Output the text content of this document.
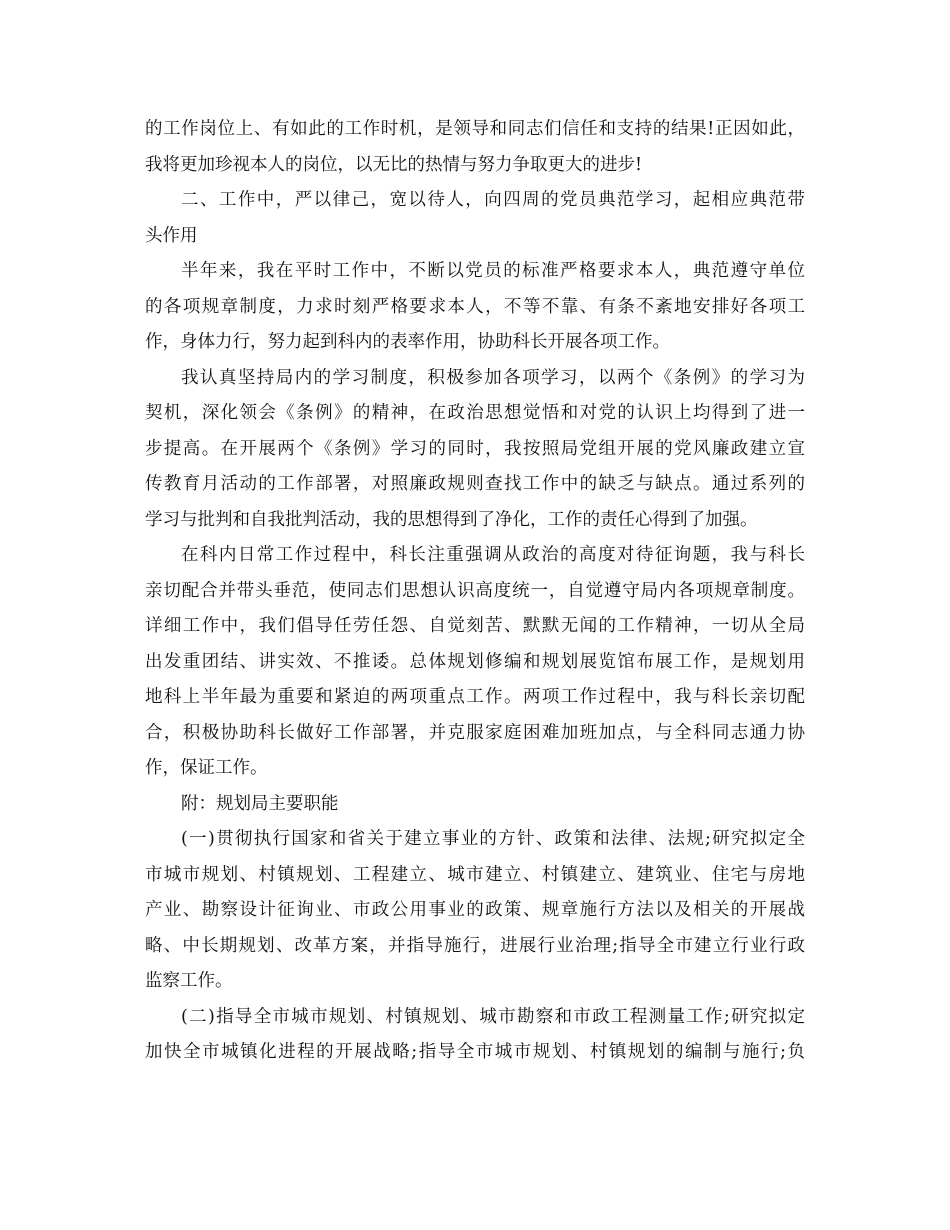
的工作岗位上、有如此的工作时机，是领导和同志们信任和支持的结果!正因如此，
我将更加珍视本人的岗位，以无比的热情与努力争取更大的进步!
二、工作中，严以律己，宽以待人，向四周的党员典范学习，起相应典范带
头作用
半年来，我在平时工作中，不断以党员的标准严格要求本人，典范遵守单位
的各项规章制度，力求时刻严格要求本人，不等不靠、有条不紊地安排好各项工
作，身体力行，努力起到科内的表率作用，协助科长开展各项工作。
我认真坚持局内的学习制度，积极参加各项学习，以两个《条例》的学习为
契机，深化领会《条例》的精神，在政治思想觉悟和对党的认识上均得到了进一
步提高。在开展两个《条例》学习的同时，我按照局党组开展的党风廉政建立宣
传教育月活动的工作部署，对照廉政规则查找工作中的缺乏与缺点。通过系列的
学习与批判和自我批判活动，我的思想得到了净化，工作的责任心得到了加强。
在科内日常工作过程中，科长注重强调从政治的高度对待征询题，我与科长
亲切配合并带头垂范，使同志们思想认识高度统一，自觉遵守局内各项规章制度。
详细工作中，我们倡导任劳任怨、自觉刻苦、默默无闻的工作精神，一切从全局
出发重团结、讲实效、不推诿。总体规划修编和规划展览馆布展工作，是规划用
地科上半年最为重要和紧迫的两项重点工作。两项工作过程中，我与科长亲切配
合，积极协助科长做好工作部署，并克服家庭困难加班加点，与全科同志通力协
作，保证工作。
附：规划局主要职能
(一)贯彻执行国家和省关于建立事业的方针、政策和法律、法规;研究拟定全
市城市规划、村镇规划、工程建立、城市建立、村镇建立、建筑业、住宅与房地
产业、勘察设计征询业、市政公用事业的政策、规章施行方法以及相关的开展战
略、中长期规划、改革方案，并指导施行，进展行业治理;指导全市建立行业行政
监察工作。
(二)指导全市城市规划、村镇规划、城市勘察和市政工程测量工作;研究拟定
加快全市城镇化进程的开展战略;指导全市城市规划、村镇规划的编制与施行;负
